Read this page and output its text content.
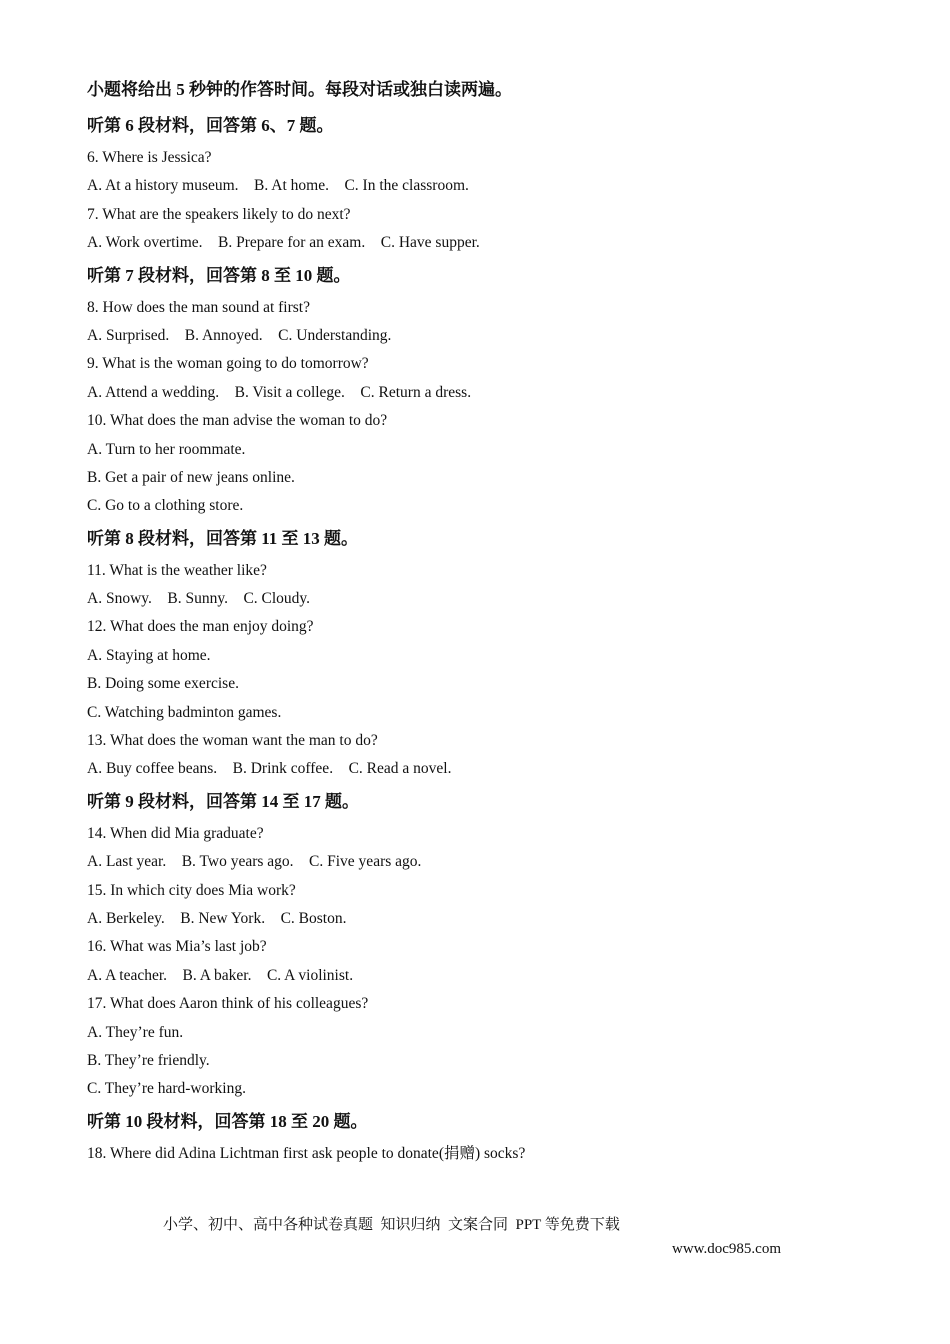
小题将给出 5 秒钟的作答时间。每段对话或独白读两遍。
听第 6 段材料，回答第 6、7 题。
6. Where is Jessica?
A. At a history museum.    B. At home.    C. In the classroom.
7. What are the speakers likely to do next?
A. Work overtime.    B. Prepare for an exam.    C. Have supper.
听第 7 段材料，回答第 8 至 10 题。
8. How does the man sound at first?
A. Surprised.    B. Annoyed.    C. Understanding.
9. What is the woman going to do tomorrow?
A. Attend a wedding.    B. Visit a college.    C. Return a dress.
10. What does the man advise the woman to do?
A. Turn to her roommate.
B. Get a pair of new jeans online.
C. Go to a clothing store.
听第 8 段材料，回答第 11 至 13 题。
11. What is the weather like?
A. Snowy.    B. Sunny.    C. Cloudy.
12. What does the man enjoy doing?
A. Staying at home.
B. Doing some exercise.
C. Watching badminton games.
13. What does the woman want the man to do?
A. Buy coffee beans.    B. Drink coffee.    C. Read a novel.
听第 9 段材料，回答第 14 至 17 题。
14. When did Mia graduate?
A. Last year.    B. Two years ago.    C. Five years ago.
15. In which city does Mia work?
A. Berkeley.    B. New York.    C. Boston.
16. What was Mia’s last job?
A. A teacher.    B. A baker.    C. A violinist.
17. What does Aaron think of his colleagues?
A. They’re fun.
B. They’re friendly.
C. They’re hard-working.
听第 10 段材料，回答第 18 至 20 题。
18. Where did Adina Lichtman first ask people to donate(捐赠) socks?

小学、初中、高中各种试卷真题  知识归纳  文案合同  PPT 等免费下载

www.doc985.com
